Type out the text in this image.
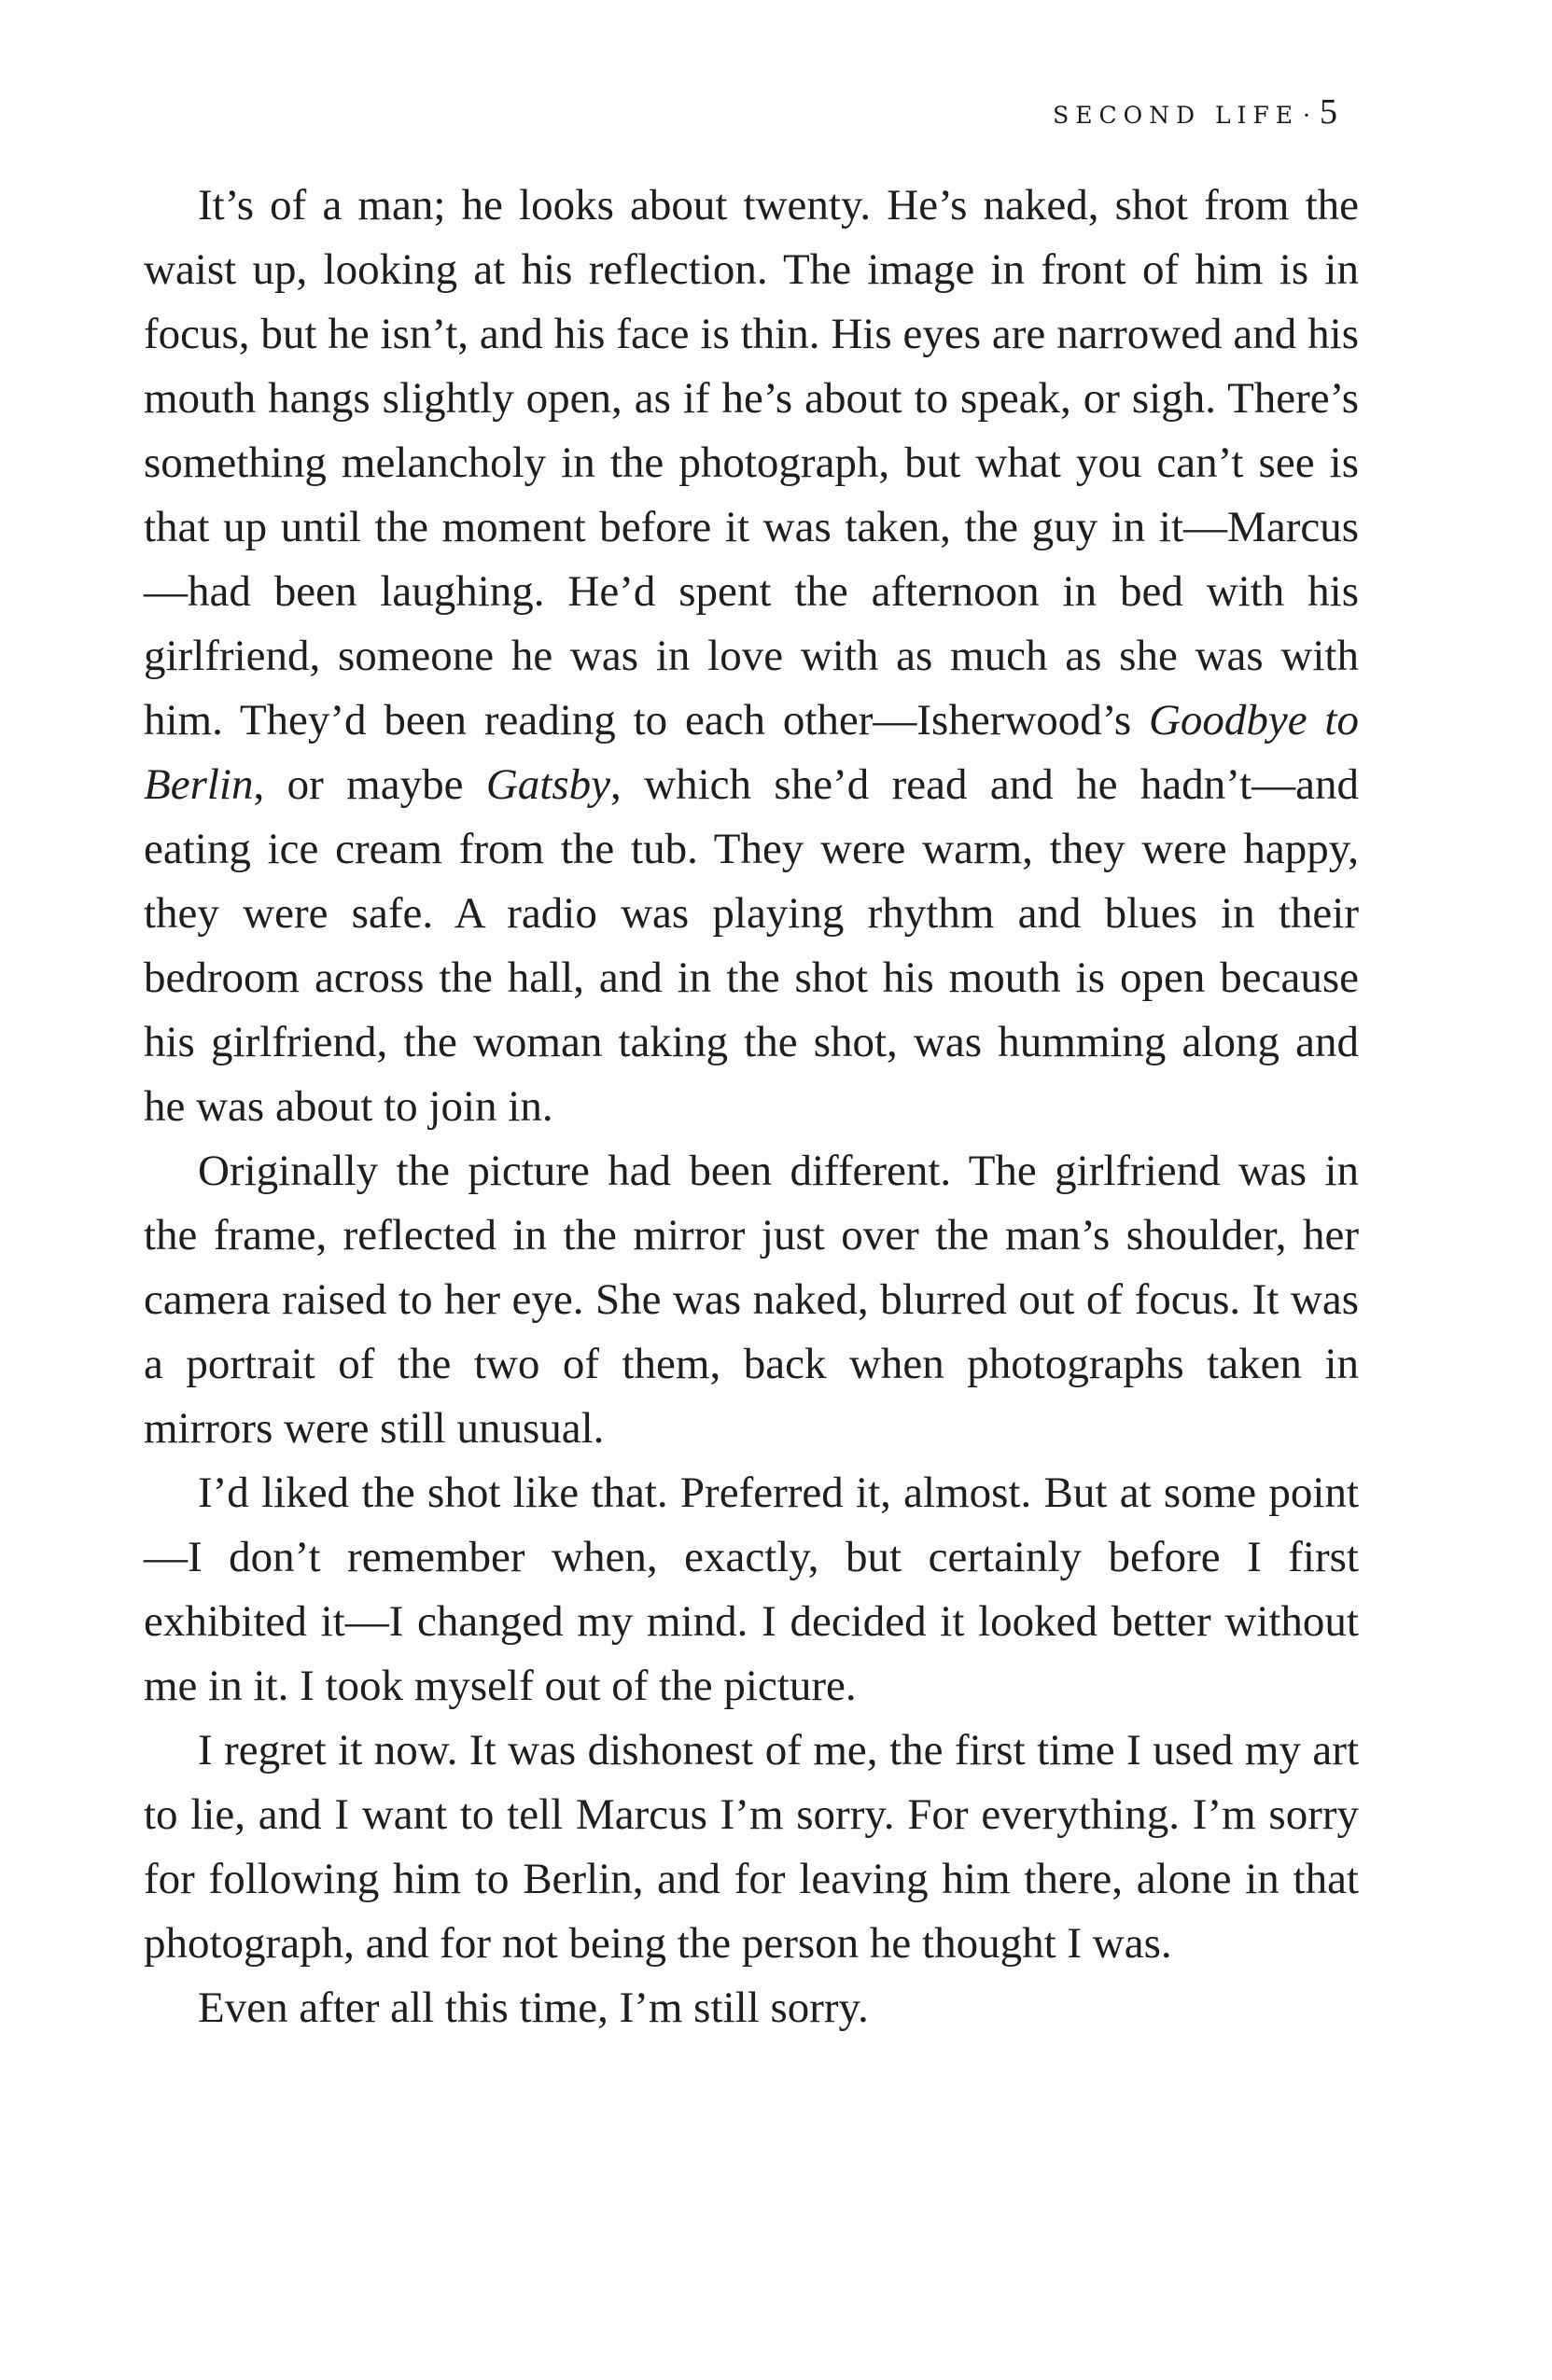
SECOND LIFE · 5

It’s of a man; he looks about twenty. He’s naked, shot from the waist up, looking at his reflection. The image in front of him is in focus, but he isn’t, and his face is thin. His eyes are narrowed and his mouth hangs slightly open, as if he’s about to speak, or sigh. There’s something melancholy in the photograph, but what you can’t see is that up until the moment before it was taken, the guy in it—Marcus—had been laughing. He’d spent the afternoon in bed with his girlfriend, someone he was in love with as much as she was with him. They’d been reading to each other—Isherwood’s Goodbye to Berlin, or maybe Gatsby, which she’d read and he hadn’t—and eating ice cream from the tub. They were warm, they were happy, they were safe. A radio was playing rhythm and blues in their bedroom across the hall, and in the shot his mouth is open because his girlfriend, the woman taking the shot, was humming along and he was about to join in.

Originally the picture had been different. The girlfriend was in the frame, reflected in the mirror just over the man’s shoulder, her camera raised to her eye. She was naked, blurred out of focus. It was a portrait of the two of them, back when photographs taken in mirrors were still unusual.

I’d liked the shot like that. Preferred it, almost. But at some point—I don’t remember when, exactly, but certainly before I first exhibited it—I changed my mind. I decided it looked better without me in it. I took myself out of the picture.

I regret it now. It was dishonest of me, the first time I used my art to lie, and I want to tell Marcus I’m sorry. For everything. I’m sorry for following him to Berlin, and for leaving him there, alone in that photograph, and for not being the person he thought I was.

Even after all this time, I’m still sorry.
